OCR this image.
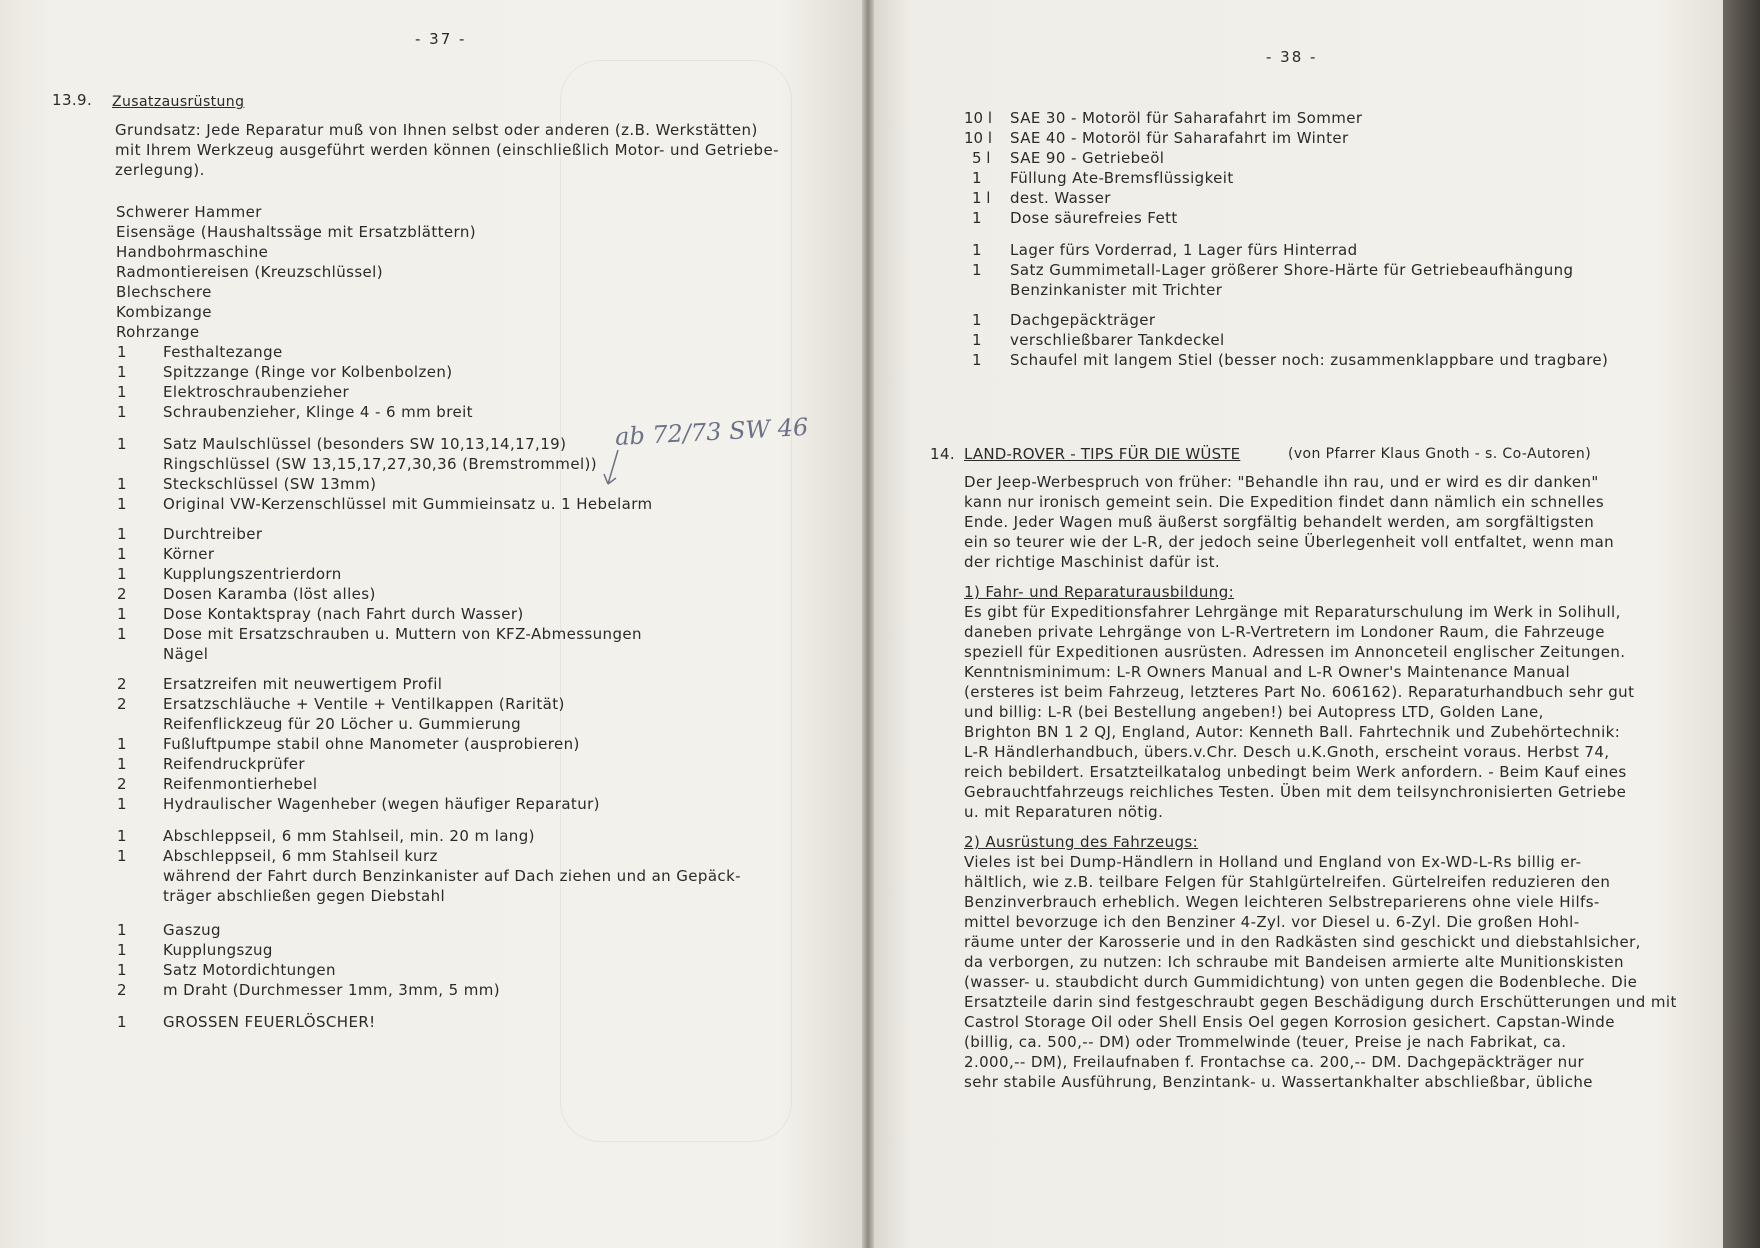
- 37 -
13.9. Zusatzausrüstung
Grundsatz: Jede Reparatur muß von Ihnen selbst oder anderen (z.B. Werkstätten)
mit Ihrem Werkzeug ausgeführt werden können (einschließlich Motor- und Getriebe-
zerlegung).
Schwerer Hammer
Eisensäge (Haushaltssäge mit Ersatzblättern)
Handbohrmaschine
Radmontiereisen (Kreuzschlüssel)
Blechschere
Kombizange
Rohrzange
1 Festhaltezange
1 Spitzzange (Ringe vor Kolbenbolzen)
1 Elektroschraubenzieher
1 Schraubenzieher, Klinge 4 - 6 mm breit
1 Satz Maulschlüssel (besonders SW 10,13,14,17,19)
Ringschlüssel (SW 13,15,17,27,30,36 (Bremstrommel))
1 Steckschlüssel (SW 13mm)
1 Original VW-Kerzenschlüssel mit Gummieinsatz u. 1 Hebelarm
1 Durchtreiber
1 Körner
1 Kupplungszentrierdorn
2 Dosen Karamba (löst alles)
1 Dose Kontaktspray (nach Fahrt durch Wasser)
1 Dose mit Ersatzschrauben u. Muttern von KFZ-Abmessungen
Nägel
2 Ersatzreifen mit neuwertigem Profil
2 Ersatzschläuche + Ventile + Ventilkappen (Rarität)
Reifenflickzeug für 20 Löcher u. Gummierung
1 Fußluftpumpe stabil ohne Manometer (ausprobieren)
1 Reifendruckprüfer
2 Reifenmontierhebel
1 Hydraulischer Wagenheber (wegen häufiger Reparatur)
1 Abschleppseil, 6 mm Stahlseil, min. 20 m lang)
1 Abschleppseil, 6 mm Stahlseil kurz
während der Fahrt durch Benzinkanister auf Dach ziehen und an Gepäck-
träger abschließen gegen Diebstahl
1 Gaszug
1 Kupplungszug
1 Satz Motordichtungen
2 m Draht (Durchmesser 1mm, 3mm, 5 mm)
1 GROSSEN FEUERLÖSCHER!
ab 72/73 SW 46
- 38 -
10 l SAE 30 - Motoröl für Saharafahrt im Sommer
10 l SAE 40 - Motoröl für Saharafahrt im Winter
5 l SAE 90 - Getriebeöl
1 Füllung Ate-Bremsflüssigkeit
1 l dest. Wasser
1 Dose säurefreies Fett
1 Lager fürs Vorderrad, 1 Lager fürs Hinterrad
1 Satz Gummimetall-Lager größerer Shore-Härte für Getriebeaufhängung
Benzinkanister mit Trichter
1 Dachgepäckträger
1 verschließbarer Tankdeckel
1 Schaufel mit langem Stiel (besser noch: zusammenklappbare und tragbare)
14. LAND-ROVER - TIPS FÜR DIE WÜSTE	(von Pfarrer Klaus Gnoth - s. Co-Autoren)
Der Jeep-Werbespruch von früher: "Behandle ihn rau, und er wird es dir danken"
kann nur ironisch gemeint sein. Die Expedition findet dann nämlich ein schnelles
Ende. Jeder Wagen muß äußerst sorgfältig behandelt werden, am sorgfältigsten
ein so teurer wie der L-R, der jedoch seine Überlegenheit voll entfaltet, wenn man
der richtige Maschinist dafür ist.
1) Fahr- und Reparaturausbildung:
Es gibt für Expeditionsfahrer Lehrgänge mit Reparaturschulung im Werk in Solihull,
daneben private Lehrgänge von L-R-Vertretern im Londoner Raum, die Fahrzeuge
speziell für Expeditionen ausrüsten. Adressen im Annonceteil englischer Zeitungen.
Kenntnisminimum: L-R Owners Manual and L-R Owner's Maintenance Manual
(ersteres ist beim Fahrzeug, letzteres Part No. 606162). Reparaturhandbuch sehr gut
und billig: L-R (bei Bestellung angeben!) bei Autopress LTD, Golden Lane,
Brighton BN 1 2 QJ, England, Autor: Kenneth Ball. Fahrtechnik und Zubehörtechnik:
L-R Händlerhandbuch, übers.v.Chr. Desch u.K.Gnoth, erscheint voraus. Herbst 74,
reich bebildert. Ersatzteilkatalog unbedingt beim Werk anfordern. - Beim Kauf eines
Gebrauchtfahrzeugs reichliches Testen. Üben mit dem teilsynchronisierten Getriebe
u. mit Reparaturen nötig.
2) Ausrüstung des Fahrzeugs:
Vieles ist bei Dump-Händlern in Holland und England von Ex-WD-L-Rs billig er-
hältlich, wie z.B. teilbare Felgen für Stahlgürtelreifen. Gürtelreifen reduzieren den
Benzinverbrauch erheblich. Wegen leichteren Selbstreparierens ohne viele Hilfs-
mittel bevorzuge ich den Benziner 4-Zyl. vor Diesel u. 6-Zyl. Die großen Hohl-
räume unter der Karosserie und in den Radkästen sind geschickt und diebstahlsicher,
da verborgen, zu nutzen: Ich schraube mit Bandeisen armierte alte Munitionskisten
(wasser- u. staubdicht durch Gummidichtung) von unten gegen die Bodenbleche. Die
Ersatzteile darin sind festgeschraubt gegen Beschädigung durch Erschütterungen und mit
Castrol Storage Oil oder Shell Ensis Oel gegen Korrosion gesichert. Capstan-Winde
(billig, ca. 500,-- DM) oder Trommelwinde (teuer, Preise je nach Fabrikat, ca.
2.000,-- DM), Freilaufnaben f. Frontachse ca. 200,-- DM. Dachgepäckträger nur
sehr stabile Ausführung, Benzintank- u. Wassertankhalter abschließbar, übliche
